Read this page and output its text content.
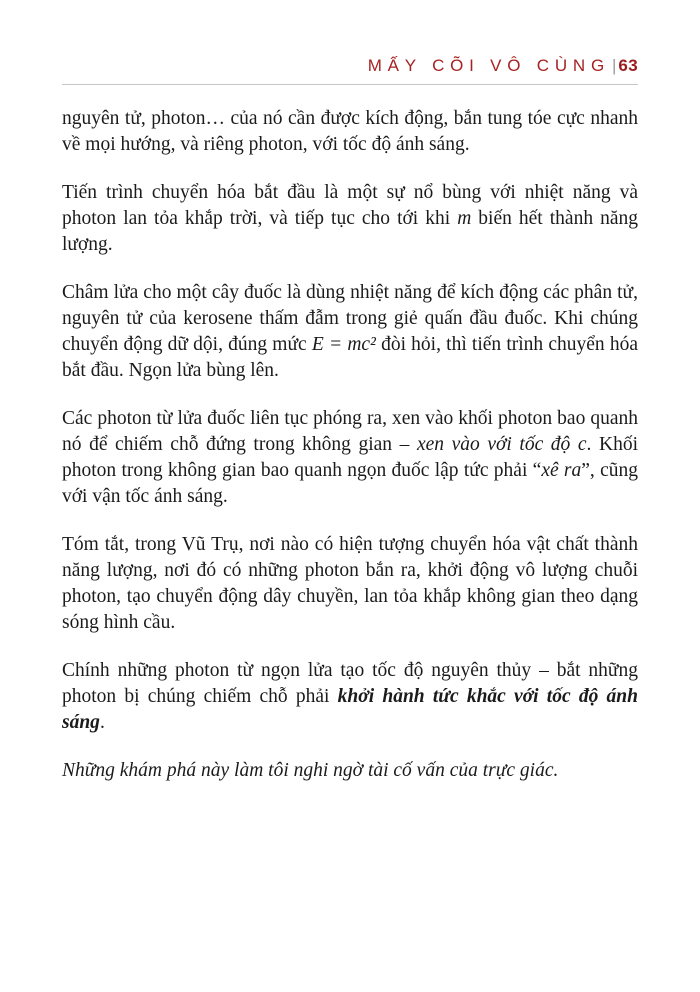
MẤY CÕI VÔ CÙNG | 63

nguyên tử, photon… của nó cần được kích động, bắn tung tóe cực nhanh về mọi hướng, và riêng photon, với tốc độ ánh sáng.

Tiến trình chuyển hóa bắt đầu là một sự nổ bùng với nhiệt năng và photon lan tỏa khắp trời, và tiếp tục cho tới khi m biến hết thành năng lượng.

Châm lửa cho một cây đuốc là dùng nhiệt năng để kích động các phân tử, nguyên tử của kerosene thấm đẫm trong giẻ quấn đầu đuốc. Khi chúng chuyển động dữ dội, đúng mức E = mc² đòi hỏi, thì tiến trình chuyển hóa bắt đầu. Ngọn lửa bùng lên.

Các photon từ lửa đuốc liên tục phóng ra, xen vào khối photon bao quanh nó để chiếm chỗ đứng trong không gian – xen vào với tốc độ c. Khối photon trong không gian bao quanh ngọn đuốc lập tức phải “xê ra”, cũng với vận tốc ánh sáng.

Tóm tắt, trong Vũ Trụ, nơi nào có hiện tượng chuyển hóa vật chất thành năng lượng, nơi đó có những photon bắn ra, khởi động vô lượng chuỗi photon, tạo chuyển động dây chuyền, lan tỏa khắp không gian theo dạng sóng hình cầu.

Chính những photon từ ngọn lửa tạo tốc độ nguyên thủy – bắt những photon bị chúng chiếm chỗ phải khởi hành tức khắc với tốc độ ánh sáng.

Những khám phá này làm tôi nghi ngờ tài cố vấn của trực giác.
